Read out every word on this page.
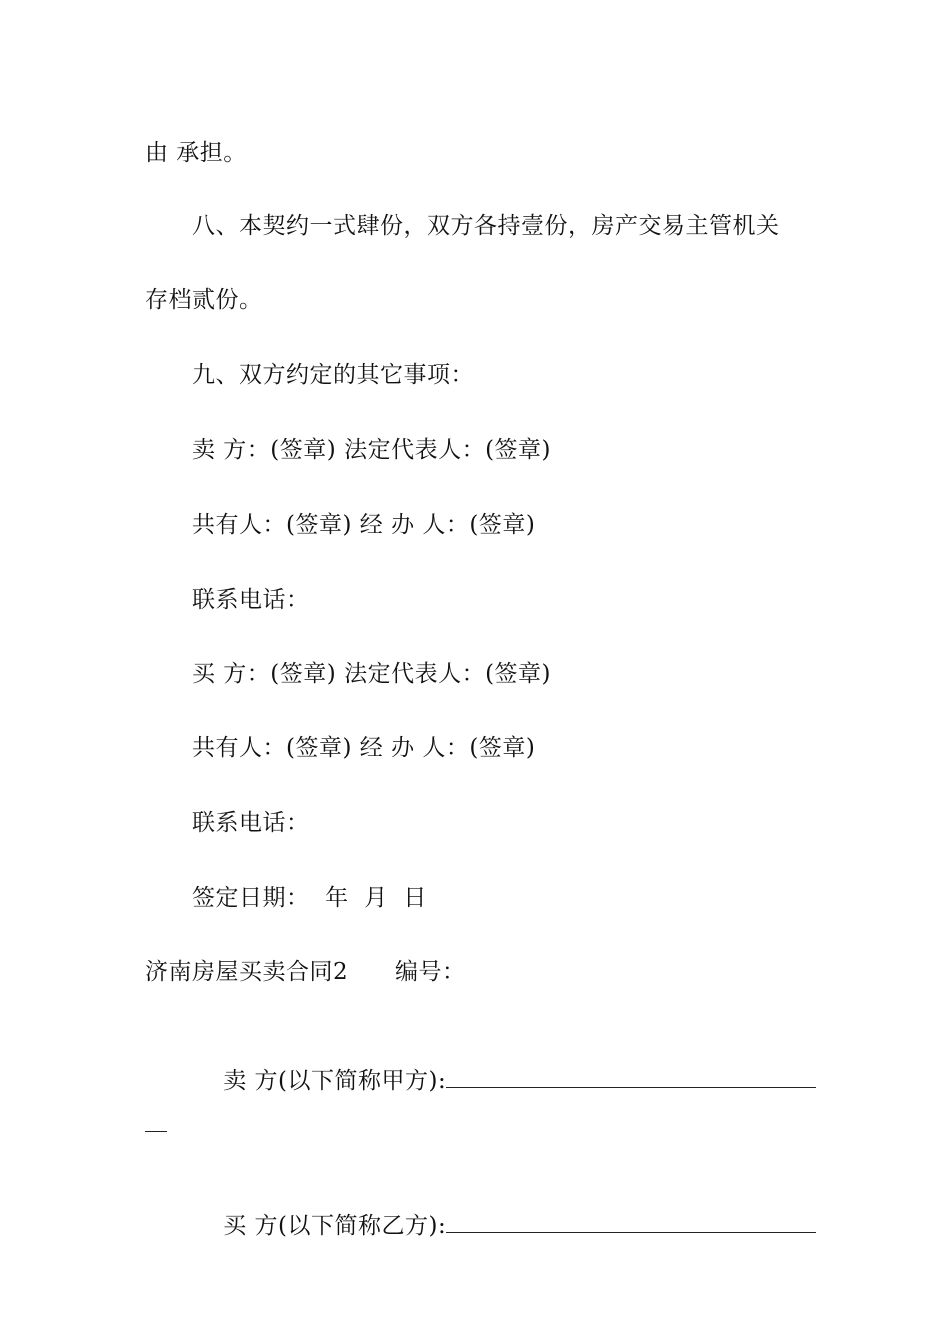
由 承担。
八、本契约一式肆份，双方各持壹份，房产交易主管机关
存档贰份。
九、双方约定的其它事项：
卖 方：(签章) 法定代表人：(签章)
共有人：(签章) 经 办 人：(签章)
联系电话：
买 方：(签章) 法定代表人：(签章)
共有人：(签章) 经 办 人：(签章)
联系电话：
签定日期：  年  月  日
济南房屋买卖合同2      编号：

卖 方(以下简称甲方):

买 方(以下简称乙方):
